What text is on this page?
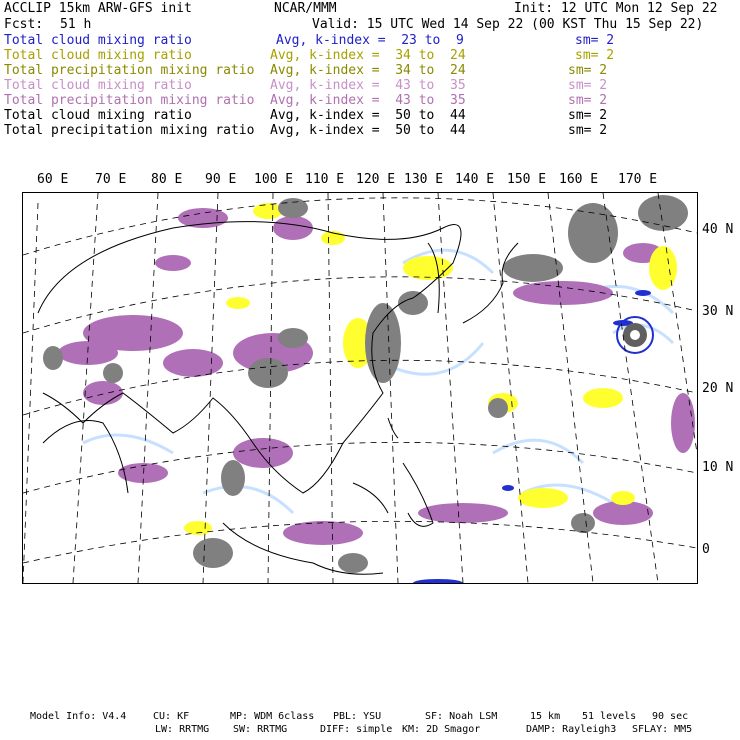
ACCLIP 15km ARW-GFS init	NCAR/MMM	Init: 12 UTC Mon 12 Sep 22
Fcst: 51 h	Valid: 15 UTC Wed 14 Sep 22 (00 KST Thu 15 Sep 22)
Total cloud mixing ratio	Avg, k-index =  23 to  9	sm= 2
Total cloud mixing ratio	Avg, k-index =  34 to  24	sm= 2
Total precipitation mixing ratio Avg, k-index =  34 to  24	sm= 2
Total cloud mixing ratio	Avg, k-index =  43 to  35	sm= 2
Total precipitation mixing ratio Avg, k-index =  43 to  35	sm= 2
Total cloud mixing ratio	Avg, k-index =  50 to  44	sm= 2
Total precipitation mixing ratio Avg, k-index =  50 to  44	sm= 2
60 E 70 E 80 E 90 E 100 E 110 E 120 E 130 E 140 E 150 E 160 E 170 E
40 N
30 N
20 N
10 N
0
Model Info: V4.4	CU: KF	MP: WDM 6class PBL: YSU	SF: Noah LSM	15 km 51 levels 90 sec
LW: RRTMG SW: RRTMG	DIFF: simple KM: 2D Smagor	DAMP: Rayleigh3 SFLAY: MM5
